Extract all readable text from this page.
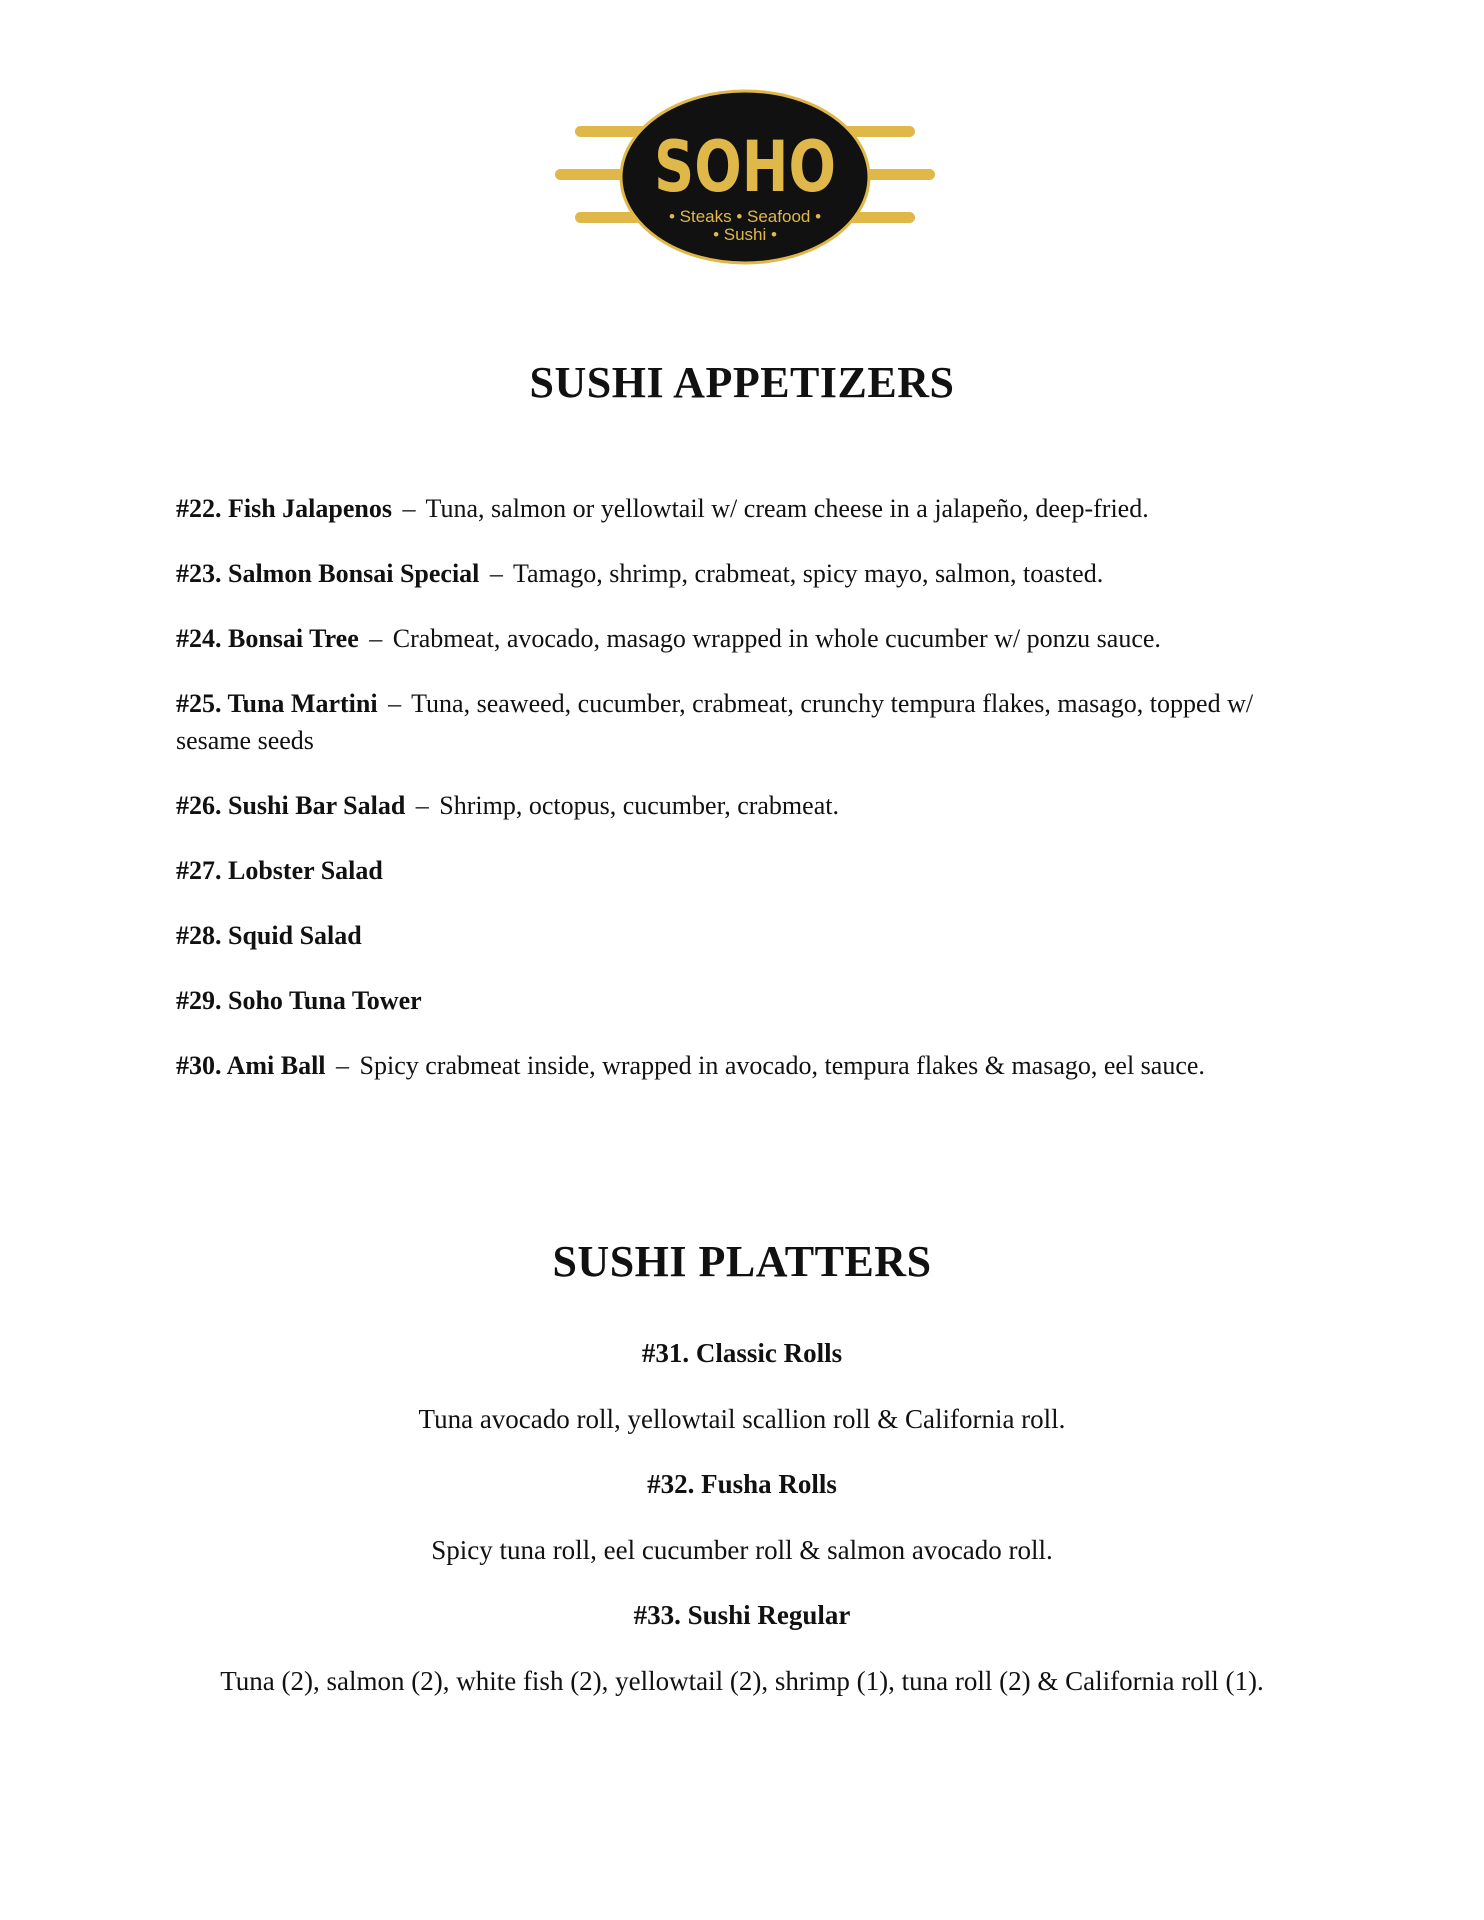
SOHO
• Steaks • Seafood •
• Sushi •
SUSHI APPETIZERS
#22. Fish Jalapenos – Tuna, salmon or yellowtail w/ cream cheese in a jalapeño, deep-fried.
#23. Salmon Bonsai Special – Tamago, shrimp, crabmeat, spicy mayo, salmon, toasted.
#24. Bonsai Tree – Crabmeat, avocado, masago wrapped in whole cucumber w/ ponzu sauce.
#25. Tuna Martini – Tuna, seaweed, cucumber, crabmeat, crunchy tempura flakes, masago, topped w/ sesame seeds
#26. Sushi Bar Salad – Shrimp, octopus, cucumber, crabmeat.
#27. Lobster Salad
#28. Squid Salad
#29. Soho Tuna Tower
#30. Ami Ball – Spicy crabmeat inside, wrapped in avocado, tempura flakes & masago, eel sauce.
SUSHI PLATTERS
#31. Classic Rolls
Tuna avocado roll, yellowtail scallion roll & California roll.
#32. Fusha Rolls
Spicy tuna roll, eel cucumber roll & salmon avocado roll.
#33. Sushi Regular
Tuna (2), salmon (2), white fish (2), yellowtail (2), shrimp (1), tuna roll (2) & California roll (1).
